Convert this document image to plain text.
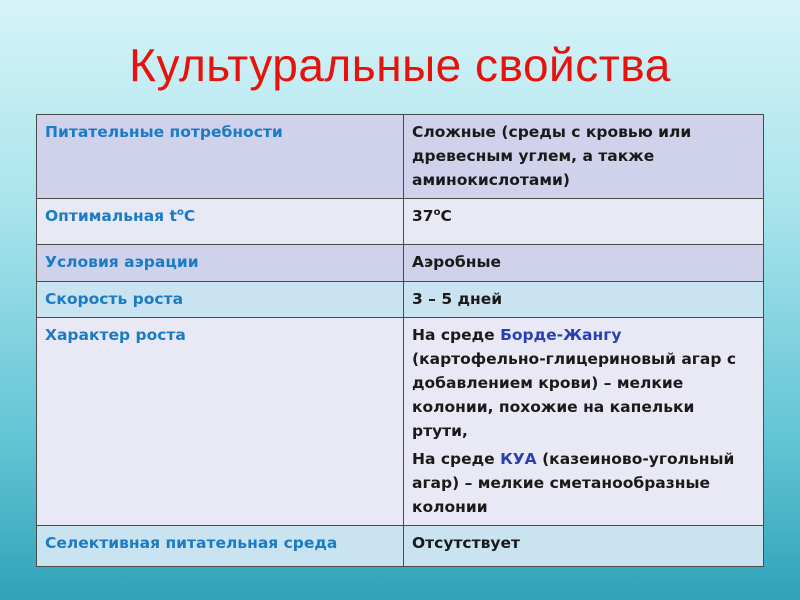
Культуральные свойства
Питательные потребности	Сложные (среды с кровью или древесным углем, а также аминокислотами)
Оптимальная $t^oC$	37$^o$C
Условия аэрации	Аэробные
Скорость роста	3 – 5 дней
Характер роста	На среде Борде-Жангу (картофельно-глицериновый агар с добавлением крови) – мелкие колонии, похожие на капельки ртути,
На среде КУА (казеиново-угольный агар) – мелкие сметанообразные колонии

Селективная питательная среда	Отсутствует
